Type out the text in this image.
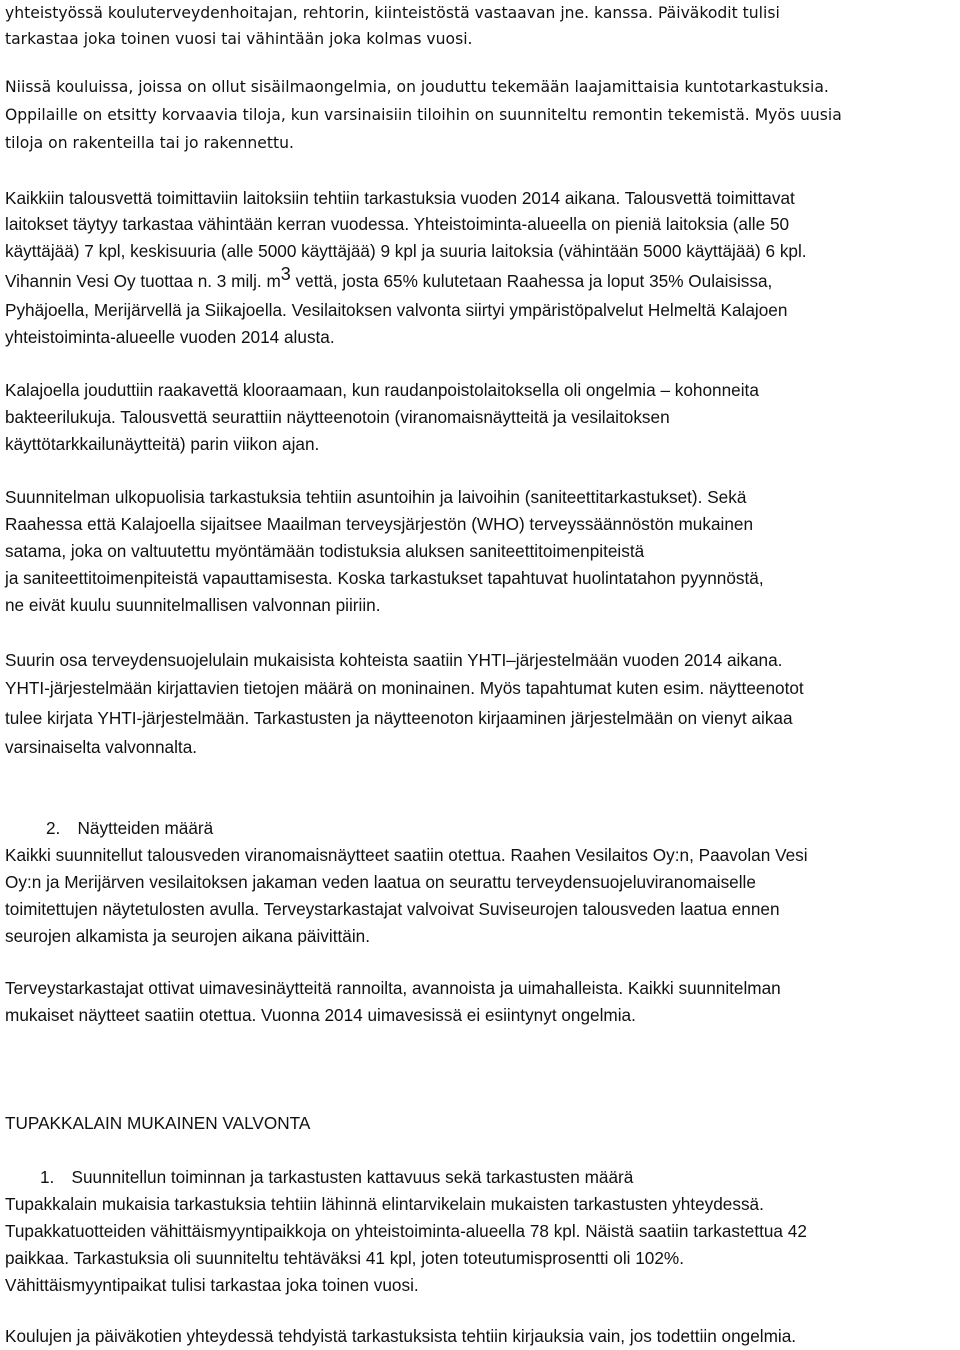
yhteistyössä kouluterveydenhoitajan, rehtorin, kiinteistöstä vastaavan jne. kanssa. Päiväkodit tulisi
tarkastaa joka toinen vuosi tai vähintään joka kolmas vuosi.
Niissä kouluissa, joissa on ollut sisäilmaongelmia, on jouduttu tekemään laajamittaisia kuntotarkastuksia.
Oppilaille on etsitty korvaavia tiloja, kun varsinaisiin tiloihin on suunniteltu remontin tekemistä. Myös uusia
tiloja on rakenteilla tai jo rakennettu.
Kaikkiin talousvettä toimittaviin laitoksiin tehtiin tarkastuksia vuoden 2014 aikana. Talousvettä toimittavat
laitokset täytyy tarkastaa vähintään kerran vuodessa. Yhteistoiminta-alueella on pieniä laitoksia (alle 50
käyttäjää) 7 kpl, keskisuuria (alle 5000 käyttäjää) 9 kpl ja suuria laitoksia (vähintään 5000 käyttäjää) 6 kpl.
Vihannin Vesi Oy tuottaa n. 3 milj. m3 vettä, josta 65% kulutetaan Raahessa ja loput 35% Oulaisissa,
Pyhäjoella, Merijärvellä ja Siikajoella. Vesilaitoksen valvonta siirtyi ympäristöpalvelut Helmeltä Kalajoen
yhteistoiminta-alueelle vuoden 2014 alusta.
Kalajoella jouduttiin raakavettä klooraamaan, kun raudanpoistolaitoksella oli ongelmia – kohonneita
bakteerilukuja. Talousvettä seurattiin näytteenotoin (viranomaisnäytteitä ja vesilaitoksen
käyttötarkkailunäytteitä) parin viikon ajan.
Suunnitelman ulkopuolisia tarkastuksia tehtiin asuntoihin ja laivoihin (saniteettitarkastukset). Sekä
Raahessa että Kalajoella sijaitsee Maailman terveysjärjestön (WHO) terveyssäännöstön mukainen
satama, joka on valtuutettu myöntämään todistuksia aluksen saniteettitoimenpiteistä
ja saniteettitoimenpiteistä vapauttamisesta. Koska tarkastukset tapahtuvat huolintatahon pyynnöstä,
ne eivät kuulu suunnitelmallisen valvonnan piiriin.
Suurin osa terveydensuojelulain mukaisista kohteista saatiin YHTI–järjestelmään vuoden 2014 aikana.
YHTI-järjestelmään kirjattavien tietojen määrä on moninainen. Myös tapahtumat kuten esim. näytteenotot
tulee kirjata YHTI-järjestelmään. Tarkastusten ja näytteenoton kirjaaminen järjestelmään on vienyt aikaa
varsinaiselta valvonnalta.
2. Näytteiden määrä
Kaikki suunnitellut talousveden viranomaisnäytteet saatiin otettua. Raahen Vesilaitos Oy:n, Paavolan Vesi
Oy:n ja Merijärven vesilaitoksen jakaman veden laatua on seurattu terveydensuojeluviranomaiselle
toimitettujen näytetulosten avulla. Terveystarkastajat valvoivat Suviseurojen talousveden laatua ennen
seurojen alkamista ja seurojen aikana päivittäin.
Terveystarkastajat ottivat uimavesinäytteitä rannoilta, avannoista ja uimahalleista. Kaikki suunnitelman
mukaiset näytteet saatiin otettua. Vuonna 2014 uimavesissä ei esiintynyt ongelmia.
TUPAKKALAIN MUKAINEN VALVONTA
1. Suunnitellun toiminnan ja tarkastusten kattavuus sekä tarkastusten määrä
Tupakkalain mukaisia tarkastuksia tehtiin lähinnä elintarvikelain mukaisten tarkastusten yhteydessä.
Tupakkatuotteiden vähittäismyyntipaikkoja on yhteistoiminta-alueella 78 kpl. Näistä saatiin tarkastettua 42
paikkaa. Tarkastuksia oli suunniteltu tehtäväksi 41 kpl, joten toteutumisprosentti oli 102%.
Vähittäismyyntipaikat tulisi tarkastaa joka toinen vuosi.
Koulujen ja päiväkotien yhteydessä tehdyistä tarkastuksista tehtiin kirjauksia vain, jos todettiin ongelmia.
